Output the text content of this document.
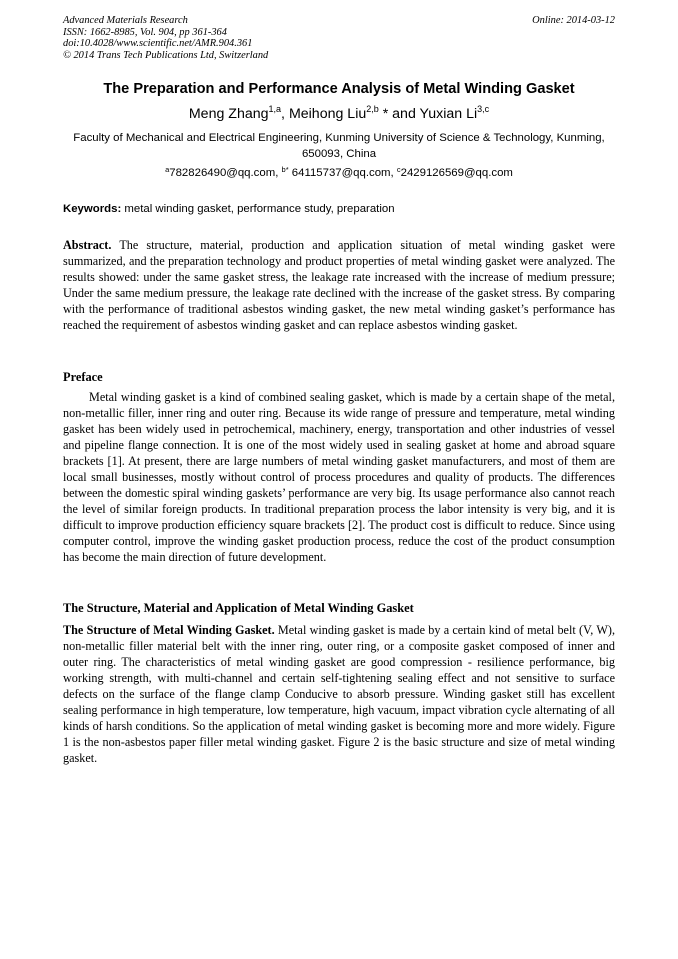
Advanced Materials Research
ISSN: 1662-8985, Vol. 904, pp 361-364
doi:10.4028/www.scientific.net/AMR.904.361
© 2014 Trans Tech Publications Ltd, Switzerland
Online: 2014-03-12
The Preparation and Performance Analysis of Metal Winding Gasket
Meng Zhang$^{1,a}$, Meihong Liu$^{2,b}$ * and Yuxian Li$^{3,c}$
Faculty of Mechanical and Electrical Engineering, Kunming University of Science & Technology, Kunming, 650093, China
$^a$782826490@qq.com, $^{b*}$ 64115737@qq.com, $^c$2429126569@qq.com
Keywords: metal winding gasket, performance study, preparation

Abstract. The structure, material, production and application situation of metal winding gasket were summarized, and the preparation technology and product properties of metal winding gasket were analyzed. The results showed: under the same gasket stress, the leakage rate increased with the increase of medium pressure; Under the same medium pressure, the leakage rate declined with the increase of the gasket stress. By comparing with the performance of traditional asbestos winding gasket, the new metal winding gasket’s performance has reached the requirement of asbestos winding gasket and can replace asbestos winding gasket.

Preface

Metal winding gasket is a kind of combined sealing gasket, which is made by a certain shape of the metal, non-metallic filler, inner ring and outer ring. Because its wide range of pressure and temperature, metal winding gasket has been widely used in petrochemical, machinery, energy, transportation and other industries of vessel and pipeline flange connection. It is one of the most widely used in sealing gasket at home and abroad square brackets [1]. At present, there are large numbers of metal winding gasket manufacturers, and most of them are local small businesses, mostly without control of process procedures and quality of products. The differences between the domestic spiral winding gaskets’ performance are very big. Its usage performance also cannot reach the level of similar foreign products. In traditional preparation process the labor intensity is very big, and it is difficult to improve production efficiency square brackets [2]. The product cost is difficult to reduce. Since using computer control, improve the winding gasket production process, reduce the cost of the product consumption has become the main direction of future development.

The Structure, Material and Application of Metal Winding Gasket

The Structure of Metal Winding Gasket. Metal winding gasket is made by a certain kind of metal belt (V, W), non-metallic filler material belt with the inner ring, outer ring, or a composite gasket composed of inner and outer ring. The characteristics of metal winding gasket are good compression - resilience performance, big working strength, with multi-channel and certain self-tightening sealing effect and not sensitive to surface defects on the surface of the flange clamp Conducive to absorb pressure. Winding gasket still has excellent sealing performance in high temperature, low temperature, high vacuum, impact vibration cycle alternating of all kinds of harsh conditions. So the application of metal winding gasket is becoming more and more widely. Figure 1 is the non-asbestos paper filler metal winding gasket. Figure 2 is the basic structure and size of metal winding gasket.
